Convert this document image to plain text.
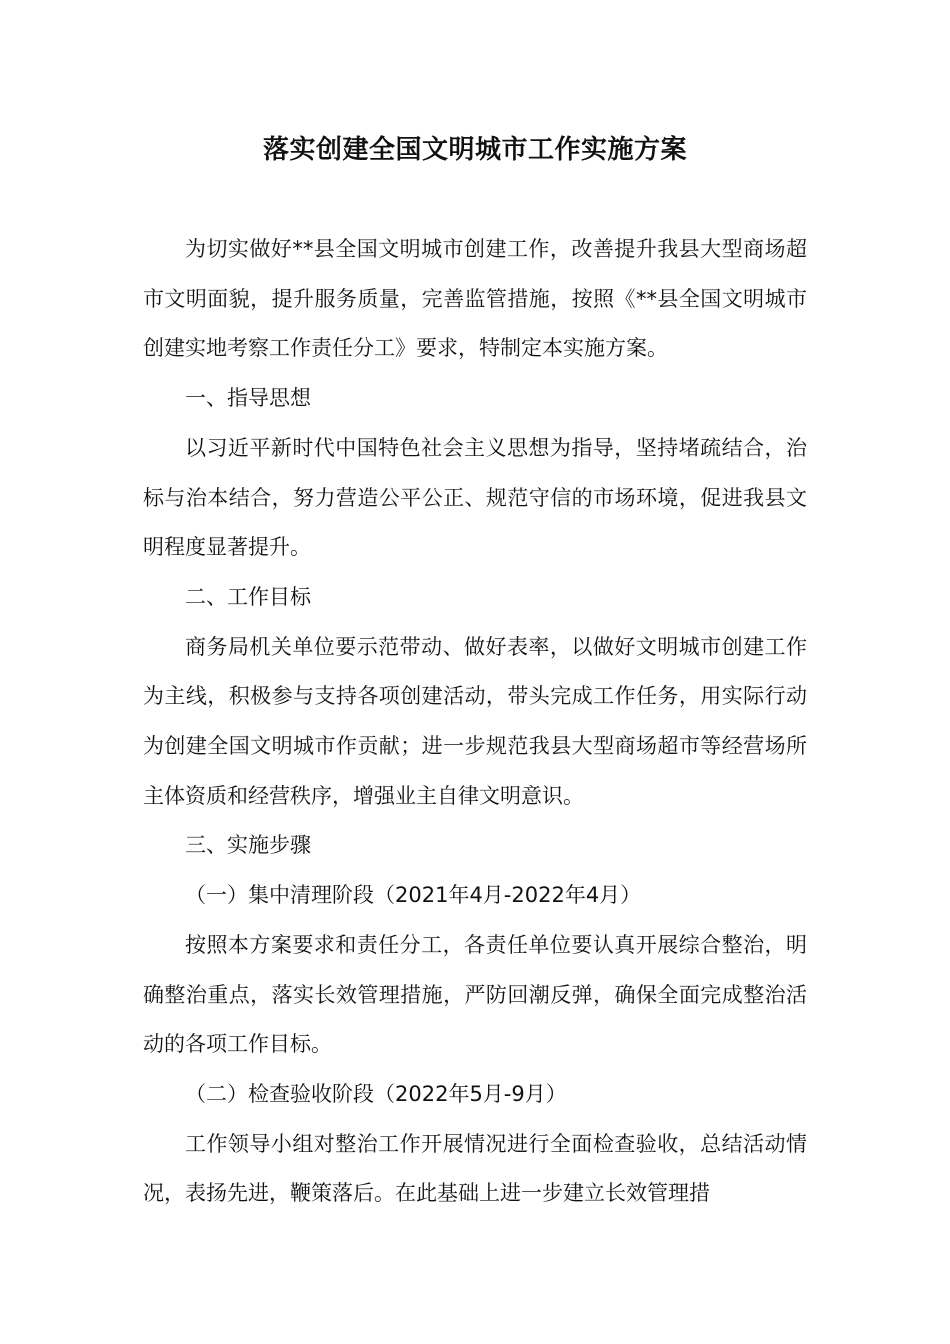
落实创建全国文明城市工作实施方案

为切实做好**县全国文明城市创建工作，改善提升我县大型商场超市文明面貌，提升服务质量，完善监管措施，按照《**县全国文明城市创建实地考察工作责任分工》要求，特制定本实施方案。

一、指导思想

以习近平新时代中国特色社会主义思想为指导，坚持堵疏结合，治标与治本结合，努力营造公平公正、规范守信的市场环境，促进我县文明程度显著提升。

二、工作目标

商务局机关单位要示范带动、做好表率，以做好文明城市创建工作为主线，积极参与支持各项创建活动，带头完成工作任务，用实际行动为创建全国文明城市作贡献；进一步规范我县大型商场超市等经营场所主体资质和经营秩序，增强业主自律文明意识。

三、实施步骤

（一）集中清理阶段（2021年4月-2022年4月）

按照本方案要求和责任分工，各责任单位要认真开展综合整治，明确整治重点，落实长效管理措施，严防回潮反弹，确保全面完成整治活动的各项工作目标。

（二）检查验收阶段（2022年5月-9月）

工作领导小组对整治工作开展情况进行全面检查验收，总结活动情况，表扬先进，鞭策落后。在此基础上进一步建立长效管理措
